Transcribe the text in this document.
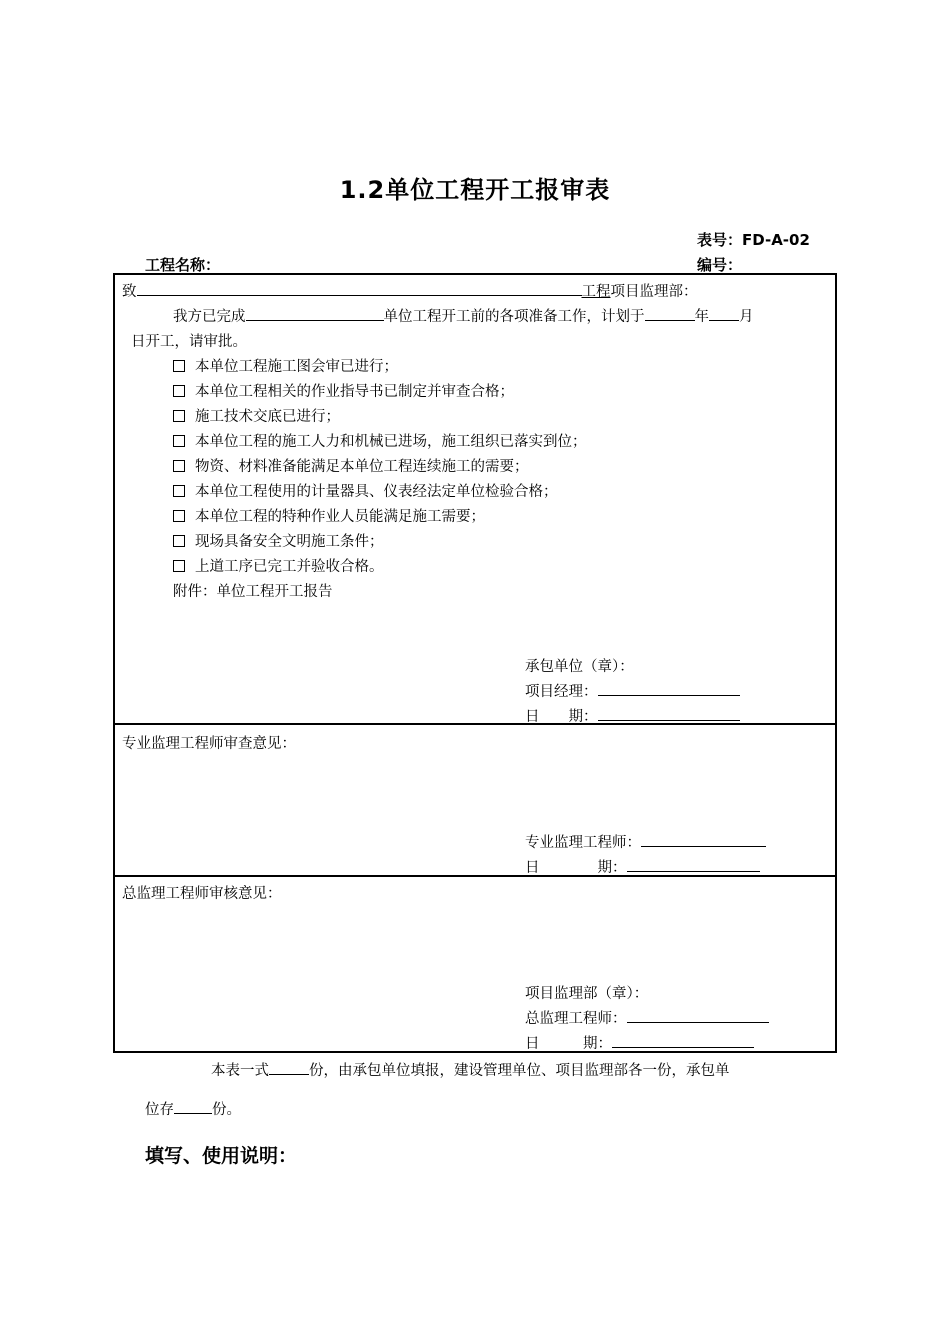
1.2单位工程开工报审表
表号：FD-A-02
工程名称：	编号：
致	工程项目监理部：
我方已完成	单位工程开工前的各项准备工作，计划于	年 月
日开工，请审批。
本单位工程施工图会审已进行；
本单位工程相关的作业指导书已制定并审查合格；
施工技术交底已进行；
本单位工程的施工人力和机械已进场，施工组织已落实到位；
物资、材料准备能满足本单位工程连续施工的需要；
本单位工程使用的计量器具、仪表经法定单位检验合格；
本单位工程的特种作业人员能满足施工需要；
现场具备安全文明施工条件；
上道工序已完工并验收合格。
附件：单位工程开工报告
承包单位（章）：
项目经理：
日　　期：
专业监理工程师审查意见：
专业监理工程师：
日　　　　期：
总监理工程师审核意见：
项目监理部（章）：
总监理工程师：
日　　　期：
本表一式	份，由承包单位填报，建设管理单位、项目监理部各一份，承包单
位存	份。
填写、使用说明：
